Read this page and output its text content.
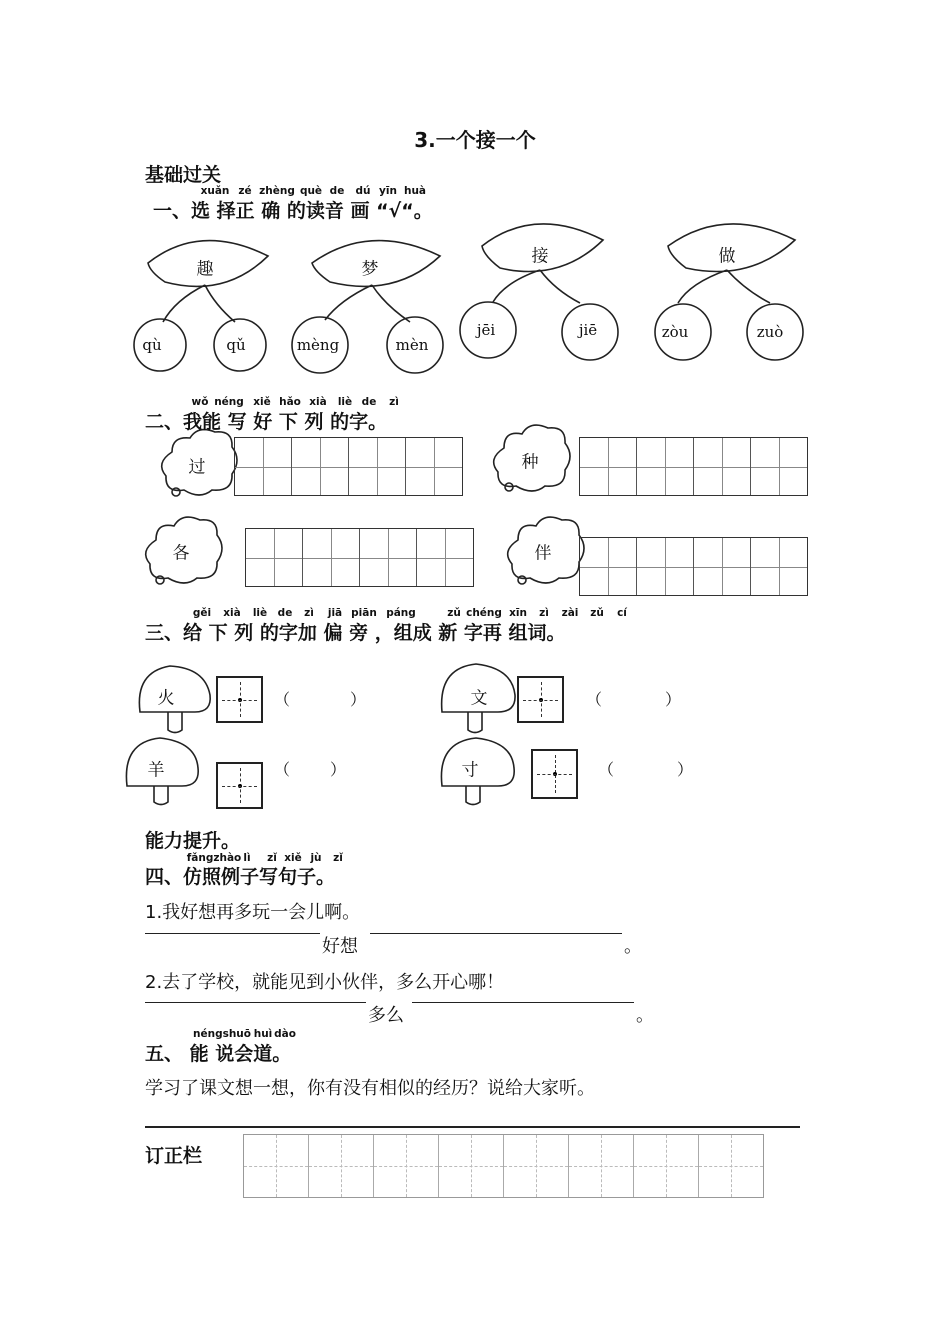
3.一个接一个
基础过关
xuǎn zé zhèng què de dú yīn huà
一、选 择正 确 的读音 画 “√“。
趣	梦
接	做
qù	qǔ	mèng	mèn
jēi	jiē	zòu	zuò
wǒ néng xiě hǎo xià liè de zì
二、我能 写 好 下 列 的字。
过	种
各	伴
gěi xià liè de zì jiā piān páng	zǔ chéng xīn zì zài zǔ cí
三、给 下 列 的字加 偏 旁 ，组成 新 字再 组词。
火	文
羊	寸
（	）	（	）
（ ）	（	）
能力提升。
fǎngzhào lì zǐ xiě jù zǐ
四、仿照例子写句子。
1.我好想再多玩一会儿啊。
好想	。
2.去了学校，就能见到小伙伴，多么开心哪！
多么	。
néngshuō huì dào
五、 能 说会道。
学习了课文想一想，你有没有相似的经历？说给大家听。
订正栏
